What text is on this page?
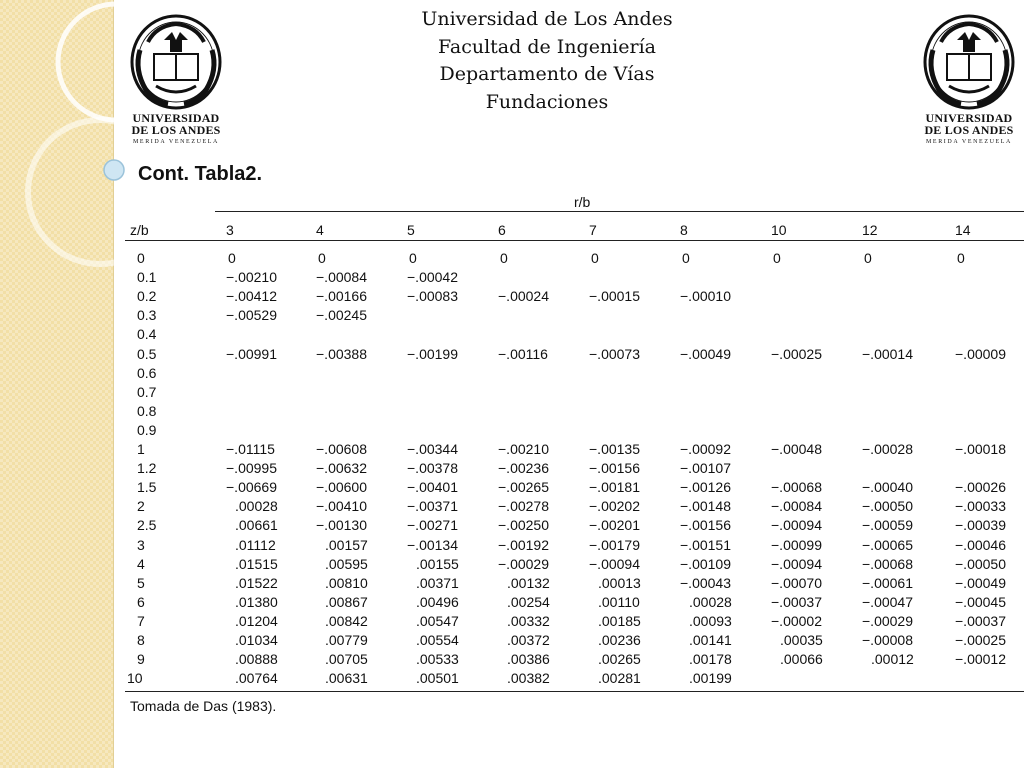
UNIVERSIDAD
DE LOS ANDES
MERIDA VENEZUELA
UNIVERSIDAD
DE LOS ANDES
MERIDA VENEZUELA
Universidad de Los Andes
Facultad de Ingeniería
Departamento de Vías
Fundaciones
Cont. Tabla2.
r/b
z/b	3	4	5	6	7	8	10	12	14
0	0	0	0	0	0	0	0	0	0
0.1	−.00210	−.00084	−.00042
0.2	−.00412	−.00166	−.00083	−.00024	−.00015	−.00010
0.3	−.00529	−.00245
0.4
0.5	−.00991	−.00388	−.00199	−.00116	−.00073	−.00049	−.00025	−.00014	−.00009
0.6
0.7
0.8
0.9
1	−.01115	−.00608	−.00344	−.00210	−.00135	−.00092	−.00048	−.00028	−.00018
1.2	−.00995	−.00632	−.00378	−.00236	−.00156	−.00107
1.5	−.00669	−.00600	−.00401	−.00265	−.00181	−.00126	−.00068	−.00040	−.00026
2	.00028	−.00410	−.00371	−.00278	−.00202	−.00148	−.00084	−.00050	−.00033
2.5	.00661	−.00130	−.00271	−.00250	−.00201	−.00156	−.00094	−.00059	−.00039
3	.01112	.00157	−.00134	−.00192	−.00179	−.00151	−.00099	−.00065	−.00046
4	.01515	.00595	.00155	−.00029	−.00094	−.00109	−.00094	−.00068	−.00050
5	.01522	.00810	.00371	.00132	.00013	−.00043	−.00070	−.00061	−.00049
6	.01380	.00867	.00496	.00254	.00110	.00028	−.00037	−.00047	−.00045
7	.01204	.00842	.00547	.00332	.00185	.00093	−.00002	−.00029	−.00037
8	.01034	.00779	.00554	.00372	.00236	.00141	.00035	−.00008	−.00025
9	.00888	.00705	.00533	.00386	.00265	.00178	.00066	.00012	−.00012
10	.00764	.00631	.00501	.00382	.00281	.00199
Tomada de Das (1983).
